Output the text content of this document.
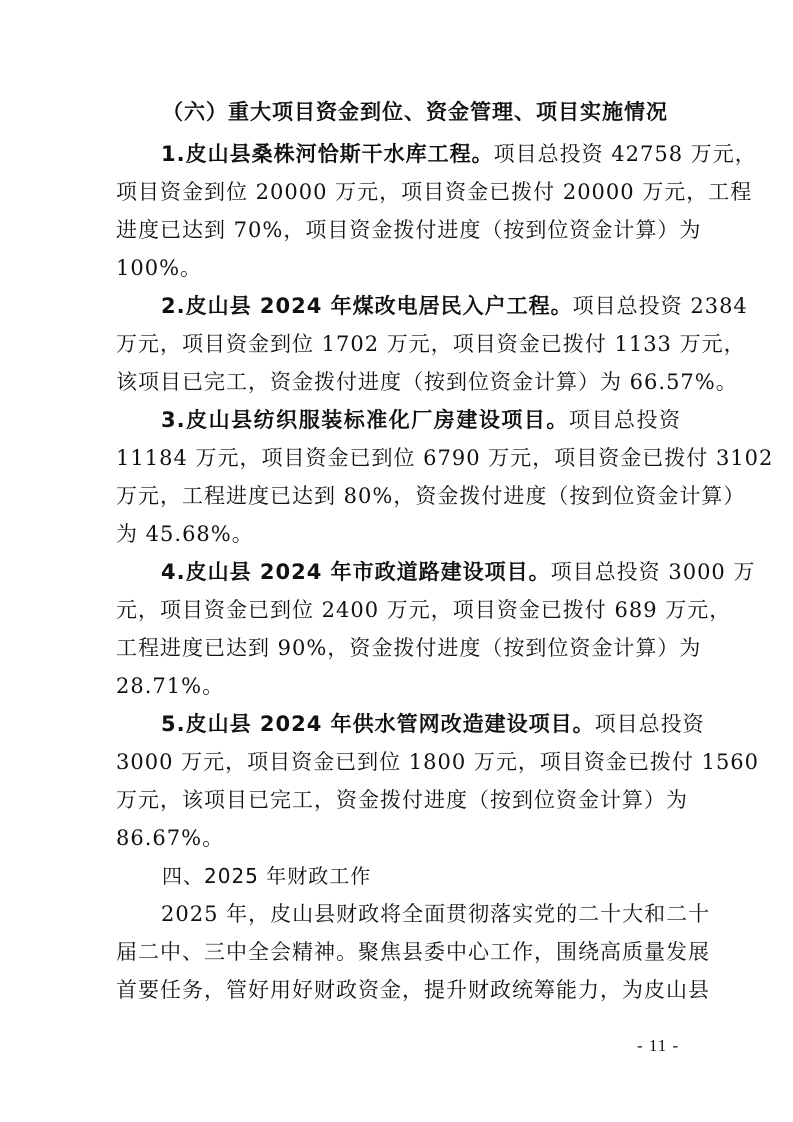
（六）重大项目资金到位、资金管理、项目实施情况
1.皮山县桑株河恰斯干水库工程。项目总投资 42758 万元，
项目资金到位 20000 万元，项目资金已拨付 20000 万元，工程
进度已达到 70%，项目资金拨付进度（按到位资金计算）为
100%。
2.皮山县 2024 年煤改电居民入户工程。项目总投资 2384
万元，项目资金到位 1702 万元，项目资金已拨付 1133 万元，
该项目已完工，资金拨付进度（按到位资金计算）为 66.57%。
3.皮山县纺织服装标准化厂房建设项目。项目总投资
11184 万元，项目资金已到位 6790 万元，项目资金已拨付 3102
万元，工程进度已达到 80%，资金拨付进度（按到位资金计算）
为 45.68%。
4.皮山县 2024 年市政道路建设项目。项目总投资 3000 万
元，项目资金已到位 2400 万元，项目资金已拨付 689 万元，
工程进度已达到 90%，资金拨付进度（按到位资金计算）为
28.71%。
5.皮山县 2024 年供水管网改造建设项目。项目总投资
3000 万元，项目资金已到位 1800 万元，项目资金已拨付 1560
万元，该项目已完工，资金拨付进度（按到位资金计算）为
86.67%。
四、2025 年财政工作
2025 年，皮山县财政将全面贯彻落实党的二十大和二十
届二中、三中全会精神。聚焦县委中心工作，围绕高质量发展
首要任务，管好用好财政资金，提升财政统筹能力，为皮山县
- 11 -
